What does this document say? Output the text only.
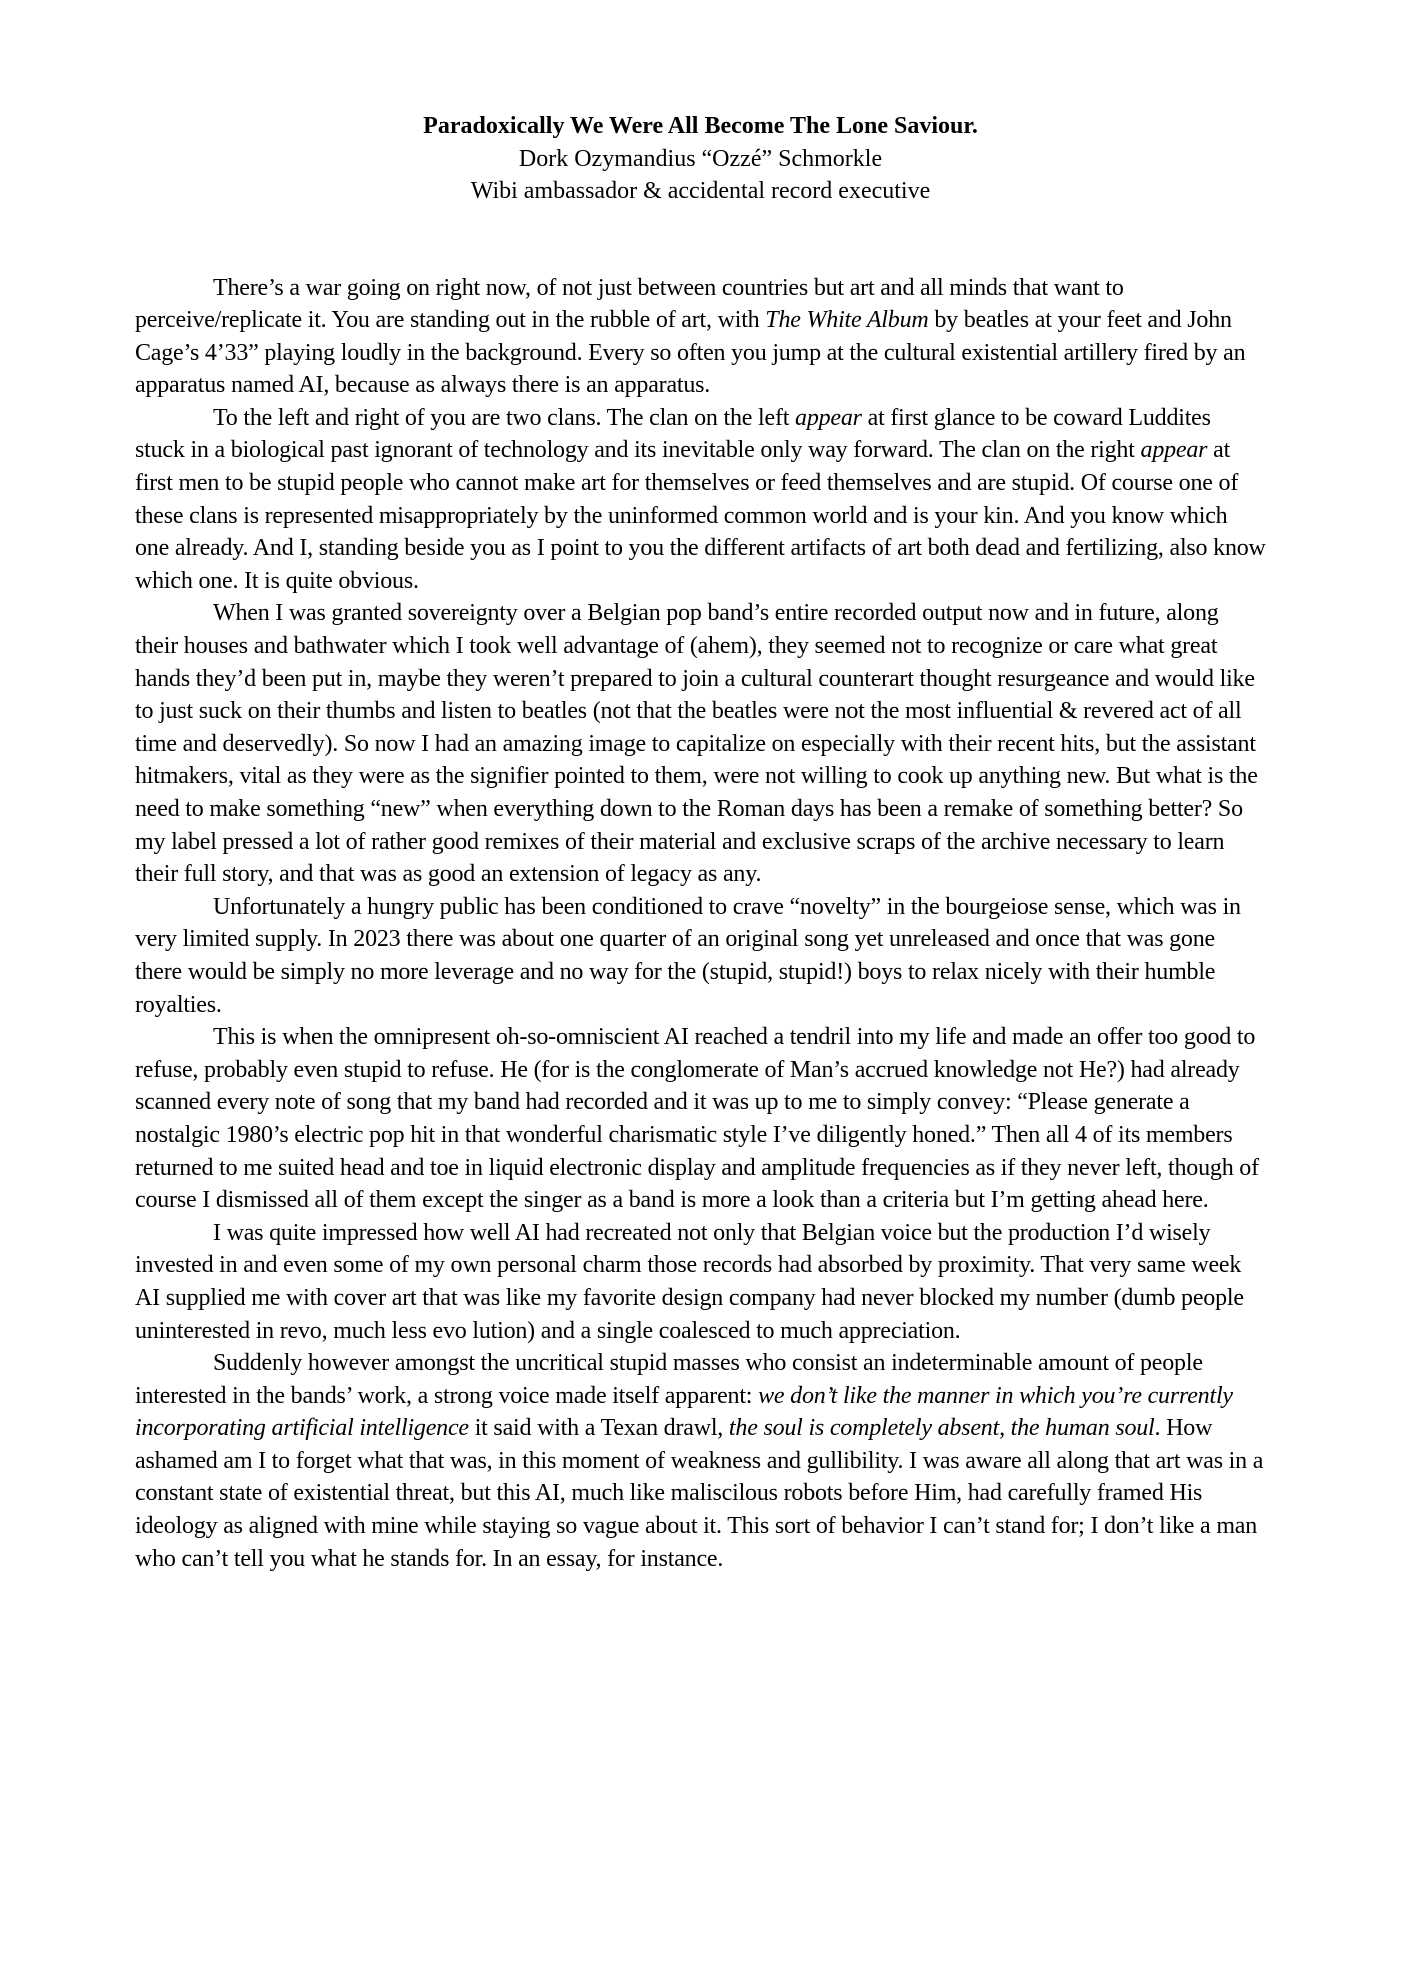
Paradoxically We Were All Become The Lone Saviour.
Dork Ozymandius “Ozzé” Schmorkle
Wibi ambassador & accidental record executive

There’s a war going on right now, of not just between countries but art and all minds that want to perceive/replicate it. You are standing out in the rubble of art, with The White Album by beatles at your feet and John Cage’s 4’33” playing loudly in the background. Every so often you jump at the cultural existential artillery fired by an apparatus named AI, because as always there is an apparatus.

To the left and right of you are two clans. The clan on the left appear at first glance to be coward Luddites stuck in a biological past ignorant of technology and its inevitable only way forward. The clan on the right appear at first men to be stupid people who cannot make art for themselves or feed themselves and are stupid. Of course one of these clans is represented misappropriately by the uninformed common world and is your kin. And you know which one already. And I, standing beside you as I point to you the different artifacts of art both dead and fertilizing, also know which one. It is quite obvious.

When I was granted sovereignty over a Belgian pop band’s entire recorded output now and in future, along their houses and bathwater which I took well advantage of (ahem), they seemed not to recognize or care what great hands they’d been put in, maybe they weren’t prepared to join a cultural counterart thought resurgeance and would like to just suck on their thumbs and listen to beatles (not that the beatles were not the most influential & revered act of all time and deservedly). So now I had an amazing image to capitalize on especially with their recent hits, but the assistant hitmakers, vital as they were as the signifier pointed to them, were not willing to cook up anything new. But what is the need to make something “new” when everything down to the Roman days has been a remake of something better? So my label pressed a lot of rather good remixes of their material and exclusive scraps of the archive necessary to learn their full story, and that was as good an extension of legacy as any.

Unfortunately a hungry public has been conditioned to crave “novelty” in the bourgeiose sense, which was in very limited supply. In 2023 there was about one quarter of an original song yet unreleased and once that was gone there would be simply no more leverage and no way for the (stupid, stupid!) boys to relax nicely with their humble royalties.

This is when the omnipresent oh-so-omniscient AI reached a tendril into my life and made an offer too good to refuse, probably even stupid to refuse. He (for is the conglomerate of Man’s accrued knowledge not He?) had already scanned every note of song that my band had recorded and it was up to me to simply convey: “Please generate a nostalgic 1980’s electric pop hit in that wonderful charismatic style I’ve diligently honed.” Then all 4 of its members returned to me suited head and toe in liquid electronic display and amplitude frequencies as if they never left, though of course I dismissed all of them except the singer as a band is more a look than a criteria but I’m getting ahead here.

I was quite impressed how well AI had recreated not only that Belgian voice but the production I’d wisely invested in and even some of my own personal charm those records had absorbed by proximity. That very same week AI supplied me with cover art that was like my favorite design company had never blocked my number (dumb people uninterested in revo, much less evo lution) and a single coalesced to much appreciation.

Suddenly however amongst the uncritical stupid masses who consist an indeterminable amount of people interested in the bands’ work, a strong voice made itself apparent: we don’t like the manner in which you’re currently incorporating artificial intelligence it said with a Texan drawl, the soul is completely absent, the human soul. How ashamed am I to forget what that was, in this moment of weakness and gullibility. I was aware all along that art was in a constant state of existential threat, but this AI, much like maliscilous robots before Him, had carefully framed His ideology as aligned with mine while staying so vague about it. This sort of behavior I can’t stand for; I don’t like a man who can’t tell you what he stands for. In an essay, for instance.
